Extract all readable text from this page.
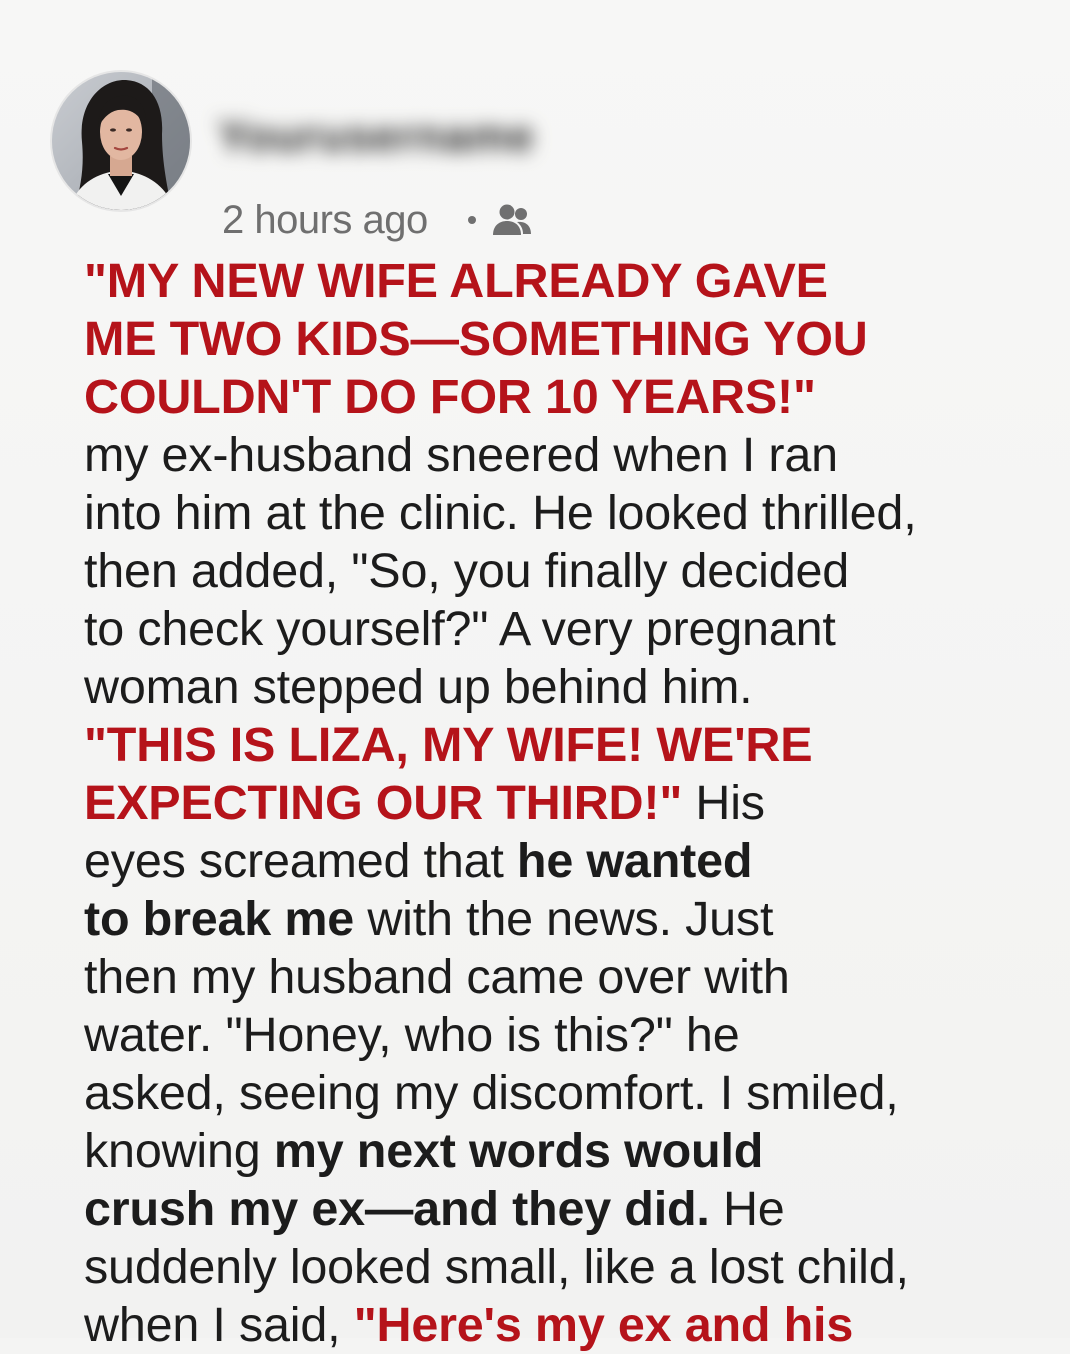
Yourusername
2 hours ago
"MY NEW WIFE ALREADY GAVE
ME TWO KIDS—SOMETHING YOU
COULDN'T DO FOR 10 YEARS!"
my ex-husband sneered when I ran
into him at the clinic. He looked thrilled,
then added, "So, you finally decided
to check yourself?" A very pregnant
woman stepped up behind him.
"THIS IS LIZA, MY WIFE! WE'RE
EXPECTING OUR THIRD!" His
eyes screamed that he wanted
to break me with the news. Just
then my husband came over with
water. "Honey, who is this?" he
asked, seeing my discomfort. I smiled,
knowing my next words would
crush my ex—and they did. He
suddenly looked small, like a lost child,
when I said, "Here's my ex and his
